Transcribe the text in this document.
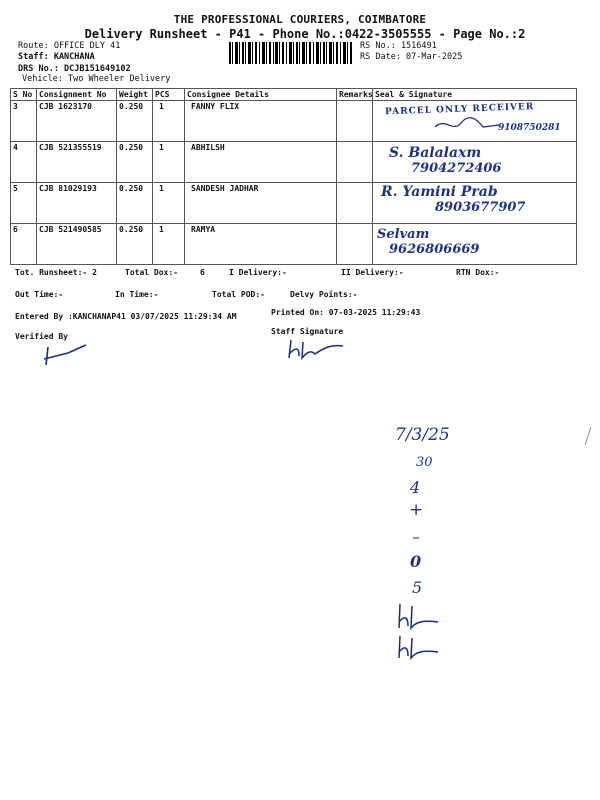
THE PROFESSIONAL COURIERS, COIMBATORE
Delivery Runsheet - P41 - Phone No.:0422-3505555 - Page No.:2
Route: OFFICE DLY 41
Staff: KANCHANA
DRS No.: DCJB151649102
Vehicle: Two Wheeler Delivery
RS No.: 1516491
RS Date: 07-Mar-2025
S No	Consignment No	Weight	PCS	Consignee Details	Remarks	Seal & Signature
3	CJB 1623170	0.250	1	FANNY FLIX		PARCEL ONLY RECEIVER
9108750281

4	CJB 521355519	0.250	1	ABHILSH		S. Balalaxm
7904272406

5	CJB 81029193	0.250	1	SANDESH JADHAR		R. Yamini Prab
8903677907

6	CJB 521490585	0.250	1	RAMYA		Selvam
9626806669
Tot. Runsheet:- 2	Total Dox:-	6	I Delivery:-	II Delivery:-	RTN Dox:-
Out Time:-	In Time:-	Total POD:-	Delvy Points:-
Entered By :KANCHANAP41 03/07/2025 11:29:34 AM	Printed On: 07-03-2025 11:29:43
Verified By
Staff Signature
7/3/25
30
4
+
–
0
5
